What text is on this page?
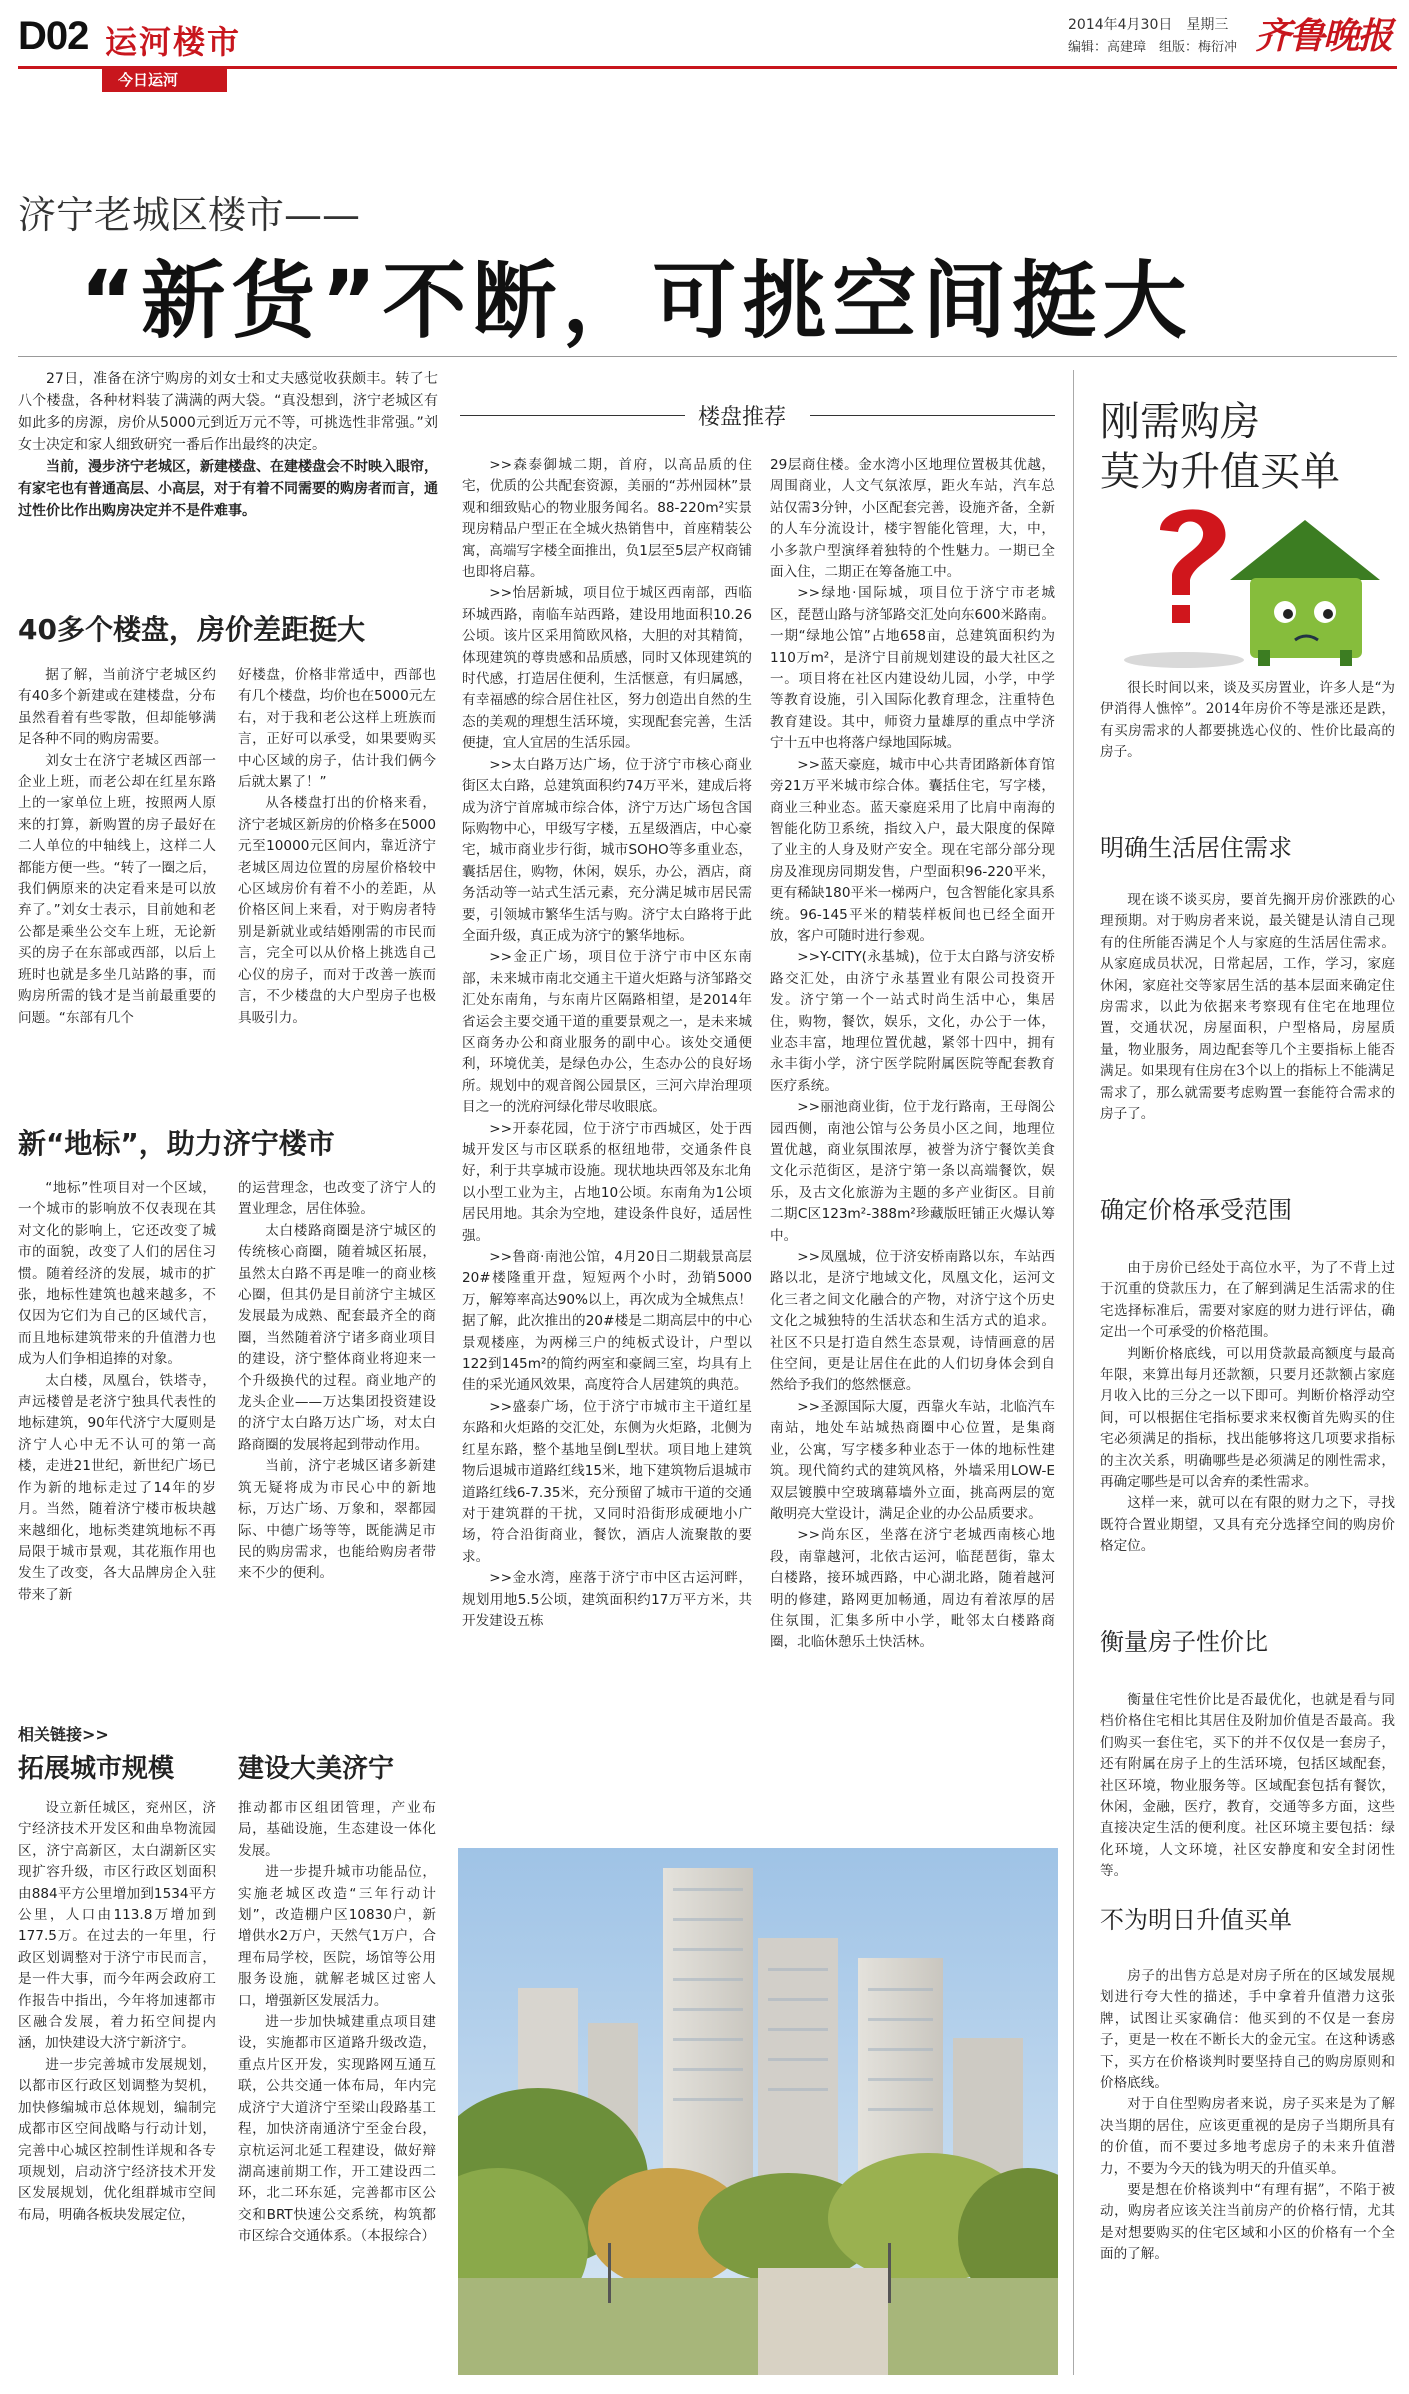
D02 运河楼市
今日运河
2014年4月30日　星期三
编辑：高建璋　组版：梅衍冲 齐鲁晚报
济宁老城区楼市——
“新货”不断，可挑空间挺大

27日，准备在济宁购房的刘女士和丈夫感觉收获颇丰。转了七八个楼盘，各种材料装了满满的两大袋。“真没想到，济宁老城区有如此多的房源，房价从5000元到近万元不等，可挑选性非常强。”刘女士决定和家人细致研究一番后作出最终的决定。

当前，漫步济宁老城区，新建楼盘、在建楼盘会不时映入眼帘，有家宅也有普通高层、小高层，对于有着不同需要的购房者而言，通过性价比作出购房决定并不是件难事。

40多个楼盘，房价差距挺大

据了解，当前济宁老城区约有40多个新建或在建楼盘，分布虽然看着有些零散，但却能够满足各种不同的购房需要。

刘女士在济宁老城区西部一企业上班，而老公却在红星东路上的一家单位上班，按照两人原来的打算，新购置的房子最好在二人单位的中轴线上，这样二人都能方便一些。“转了一圈之后，我们俩原来的决定看来是可以放弃了。”刘女士表示，目前她和老公都是乘坐公交车上班，无论新买的房子在东部或西部，以后上班时也就是多坐几站路的事，而购房所需的钱才是当前最重要的问题。“东部有几个

好楼盘，价格非常适中，西部也有几个楼盘，均价也在5000元左右，对于我和老公这样上班族而言，正好可以承受，如果要购买中心区域的房子，估计我们俩今后就太累了！”

从各楼盘打出的价格来看，济宁老城区新房的价格多在5000元至10000元区间内，靠近济宁老城区周边位置的房屋价格较中心区域房价有着不小的差距，从价格区间上来看，对于购房者特别是新就业或结婚刚需的市民而言，完全可以从价格上挑选自己心仪的房子，而对于改善一族而言，不少楼盘的大户型房子也极具吸引力。

新“地标”，助力济宁楼市

“地标”性项目对一个区域，一个城市的影响放不仅表现在其对文化的影响上，它还改变了城市的面貌，改变了人们的居住习惯。随着经济的发展，城市的扩张，地标性建筑也越来越多，不仅因为它们为自己的区域代言，而且地标建筑带来的升值潜力也成为人们争相追捧的对象。

太白楼，凤凰台，铁塔寺，声远楼曾是老济宁独具代表性的地标建筑，90年代济宁大厦则是济宁人心中无不认可的第一高楼，走进21世纪，新世纪广场已作为新的地标走过了14年的岁月。当然，随着济宁楼市板块越来越细化，地标类建筑地标不再局限于城市景观，其花瓶作用也发生了改变，各大品牌房企入驻带来了新

的运营理念，也改变了济宁人的置业理念，居住体验。

太白楼路商圈是济宁城区的传统核心商圈，随着城区拓展，虽然太白路不再是唯一的商业核心圈，但其仍是目前济宁主城区发展最为成熟、配套最齐全的商圈，当然随着济宁诸多商业项目的建设，济宁整体商业将迎来一个升级换代的过程。商业地产的龙头企业——万达集团投资建设的济宁太白路万达广场，对太白路商圈的发展将起到带动作用。

当前，济宁老城区诸多新建筑无疑将成为市民心中的新地标，万达广场、万象和，翠都园际、中德广场等等，既能满足市民的购房需求，也能给购房者带来不少的便利。

相关链接>>
拓展城市规模 建设大美济宁

设立新任城区，兖州区，济宁经济技术开发区和曲阜物流园区，济宁高新区，太白湖新区实现扩容升级，市区行政区划面积由884平方公里增加到1534平方公里，人口由113.8万增加到177.5万。在过去的一年里，行政区划调整对于济宁市民而言，是一件大事，而今年两会政府工作报告中指出，今年将加速都市区融合发展，着力拓空间提内涵，加快建设大济宁新济宁。

进一步完善城市发展规划，以都市区行政区划调整为契机，加快修编城市总体规划，编制完成都市区空间战略与行动计划，完善中心城区控制性详规和各专项规划，启动济宁经济技术开发区发展规划，优化组群城市空间布局，明确各板块发展定位，

推动都市区组团管理，产业布局，基础设施，生态建设一体化发展。

进一步提升城市功能品位，实施老城区改造“三年行动计划”，改造棚户区10830户，新增供水2万户，天然气1万户，合理布局学校，医院，场馆等公用服务设施，就解老城区过密人口，增强新区发展活力。

进一步加快城建重点项目建设，实施都市区道路升级改造，重点片区开发，实现路网互通互联，公共交通一体布局，年内完成济宁大道济宁至梁山段路基工程，加快济南通济宁至金台段，京杭运河北延工程建设，做好辩湖高速前期工作，开工建设西二环，北二环东延，完善都市区公交和BRT快速公交系统，构筑都市区综合交通体系。（本报综合）

楼盘推荐

>>森泰御城二期，首府，以高品质的住宅，优质的公共配套资源，美丽的“苏州园林”景观和细致贴心的物业服务闻名。88-220m²实景现房精品户型正在全城火热销售中，首座精装公寓，高端写字楼全面推出，负1层至5层产权商铺也即将启幕。

>>怡居新城，项目位于城区西南部，西临环城西路，南临车站西路，建设用地面积10.26公顷。该片区采用简欧风格，大胆的对其精简，体现建筑的尊贵感和品质感，同时又体现建筑的时代感，打造居住便利，生活惬意，有归属感，有幸福感的综合居住社区，努力创造出自然的生态的美观的理想生活环境，实现配套完善，生活便捷，宜人宜居的生活乐园。

>>太白路万达广场，位于济宁市核心商业街区太白路，总建筑面积约74万平米，建成后将成为济宁首席城市综合体，济宁万达广场包含国际购物中心，甲级写字楼，五星级酒店，中心豪宅，城市商业步行街，城市SOHO等多重业态，囊括居住，购物，休闲，娱乐，办公，酒店，商务活动等一站式生活元素，充分满足城市居民需要，引领城市繁华生活与购。济宁太白路将于此全面升级，真正成为济宁的繁华地标。

>>金正广场，项目位于济宁市中区东南部，未来城市南北交通主干道火炬路与济邹路交汇处东南角，与东南片区隔路相望，是2014年省运会主要交通干道的重要景观之一，是未来城区商务办公和商业服务的副中心。该处交通便利，环境优美，是绿色办公，生态办公的良好场所。规划中的观音阁公园景区，三河六岸治理项目之一的洸府河绿化带尽收眼底。

>>开泰花园，位于济宁市西城区，处于西城开发区与市区联系的枢纽地带，交通条件良好，利于共享城市设施。现状地块西邻及东北角以小型工业为主，占地10公顷。东南角为1公顷居民用地。其余为空地，建设条件良好，适居性强。

>>鲁商·南池公馆，4月20日二期载景高层20#楼隆重开盘，短短两个小时，劲销5000万，解筹率高达90%以上，再次成为全城焦点！据了解，此次推出的20#楼是二期高层中的中心景观楼座，为两梯三户的纯板式设计，户型以122到145m²的简约两室和豪阔三室，均具有上佳的采光通风效果，高度符合人居建筑的典范。

>>盛泰广场，位于济宁市城市主干道红星东路和火炬路的交汇处，东侧为火炬路，北侧为红星东路，整个基地呈倒L型状。项目地上建筑物后退城市道路红线15米，地下建筑物后退城市道路红线6-7.35米，充分预留了城市干道的交通对于建筑群的干扰，又同时沿街形成硬地小广场，符合沿街商业，餐饮，酒店人流聚散的要求。

>>金水湾，座落于济宁市中区古运河畔，规划用地5.5公顷，建筑面积约17万平方米，共开发建设五栋

29层商住楼。金水湾小区地理位置极其优越，周围商业，人文气氛浓厚，距火车站，汽车总站仅需3分钟，小区配套完善，设施齐备，全新的人车分流设计，楼宇智能化管理，大，中，小多款户型演绎着独特的个性魅力。一期已全面入住，二期正在筹备施工中。

>>绿地·国际城，项目位于济宁市老城区，琵琶山路与济邹路交汇处向东600米路南。一期“绿地公馆”占地658亩，总建筑面积约为110万m²，是济宁目前规划建设的最大社区之一。项目将在社区内建设幼儿园，小学，中学等教育设施，引入国际化教育理念，注重特色教育建设。其中，师资力量雄厚的重点中学济宁十五中也将落户绿地国际城。

>>蓝天豪庭，城市中心共青团路新体育馆旁21万平米城市综合体。囊括住宅，写字楼，商业三种业态。蓝天豪庭采用了比肩中南海的智能化防卫系统，指纹入户，最大限度的保障了业主的人身及财产安全。现在宅部分部分现房及准现房同期发售，户型面积96-220平米，更有稀缺180平米一梯两户，包含智能化家具系统。96-145平米的精装样板间也已经全面开放，客户可随时进行参观。

>>Y-CITY(永基城)，位于太白路与济安桥路交汇处，由济宁永基置业有限公司投资开发。济宁第一个一站式时尚生活中心，集居住，购物，餐饮，娱乐，文化，办公于一体，业态丰富，地理位置优越，紧邻十四中，拥有永丰街小学，济宁医学院附属医院等配套教育医疗系统。

>>丽池商业街，位于龙行路南，王母阁公园西侧，南池公馆与公务员小区之间，地理位置优越，商业氛围浓厚，被誉为济宁餐饮美食文化示范街区，是济宁第一条以高端餐饮，娱乐，及古文化旅游为主题的多产业街区。目前二期C区123m²-388m²珍藏版旺铺正火爆认筹中。

>>凤凰城，位于济安桥南路以东，车站西路以北，是济宁地域文化，凤凰文化，运河文化三者之间文化融合的产物，对济宁这个历史文化之城独特的生活状态和生活方式的追求。社区不只是打造自然生态景观，诗情画意的居住空间，更是让居住在此的人们切身体会到自然给予我们的悠然惬意。

>>圣源国际大厦，西靠火车站，北临汽车南站，地处车站城热商圈中心位置，是集商业，公寓，写字楼多种业态于一体的地标性建筑。现代简约式的建筑风格，外墙采用LOW-E双层镀膜中空玻璃幕墙外立面，挑高两层的宽敞明亮大堂设计，满足企业的办公品质要求。

>>尚东区，坐落在济宁老城西南核心地段，南靠越河，北依古运河，临琵琶街，靠太白楼路，接环城西路，中心湖北路，随着越河明的修建，路网更加畅通，周边有着浓厚的居住氛围，汇集多所中小学，毗邻太白楼路商圈，北临休憩乐土快活林。

刚需购房
莫为升值买单

很长时间以来，谈及买房置业，许多人是“为伊消得人憔悴”。2014年房价不等是涨还是跌，有买房需求的人都要挑选心仪的、性价比最高的房子。

明确生活居住需求

现在谈不谈买房，要首先搁开房价涨跌的心理预期。对于购房者来说，最关键是认清自己现有的住所能否满足个人与家庭的生活居住需求。从家庭成员状况，日常起居，工作，学习，家庭休闲，家庭社交等家居生活的基本层面来确定住房需求，以此为依据来考察现有住宅在地理位置，交通状况，房屋面积，户型格局，房屋质量，物业服务，周边配套等几个主要指标上能否满足。如果现有住房在3个以上的指标上不能满足需求了，那么就需要考虑购置一套能符合需求的房子了。

确定价格承受范围

由于房价已经处于高位水平，为了不背上过于沉重的贷款压力，在了解到满足生活需求的住宅选择标准后，需要对家庭的财力进行评估，确定出一个可承受的价格范围。

判断价格底线，可以用贷款最高额度与最高年限，来算出每月还款额，只要月还款额占家庭月收入比的三分之一以下即可。判断价格浮动空间，可以根据住宅指标要求来权衡首先购买的住宅必须满足的指标，找出能够将这几项要求指标的主次关系，明确哪些是必须满足的刚性需求，再确定哪些是可以舍弃的柔性需求。

这样一来，就可以在有限的财力之下，寻找既符合置业期望，又具有充分选择空间的购房价格定位。

衡量房子性价比

衡量住宅性价比是否最优化，也就是看与同档价格住宅相比其居住及附加价值是否最高。我们购买一套住宅，买下的并不仅仅是一套房子，还有附属在房子上的生活环境，包括区域配套，社区环境，物业服务等。区域配套包括有餐饮，休闲，金融，医疗，教育，交通等多方面，这些直接决定生活的便利度。社区环境主要包括：绿化环境，人文环境，社区安静度和安全封闭性等。

不为明日升值买单

房子的出售方总是对房子所在的区域发展规划进行夸大性的描述，手中拿着升值潜力这张牌，试图让买家确信：他买到的不仅是一套房子，更是一枚在不断长大的金元宝。在这种诱惑下，买方在价格谈判时要坚持自己的购房原则和价格底线。

对于自住型购房者来说，房子买来是为了解决当期的居住，应该更重视的是房子当期所具有的价值，而不要过多地考虑房子的未来升值潜力，不要为今天的钱为明天的升值买单。

要是想在价格谈判中“有理有据”，不陷于被动，购房者应该关注当前房产的价格行情，尤其是对想要购买的住宅区域和小区的价格有一个全面的了解。
